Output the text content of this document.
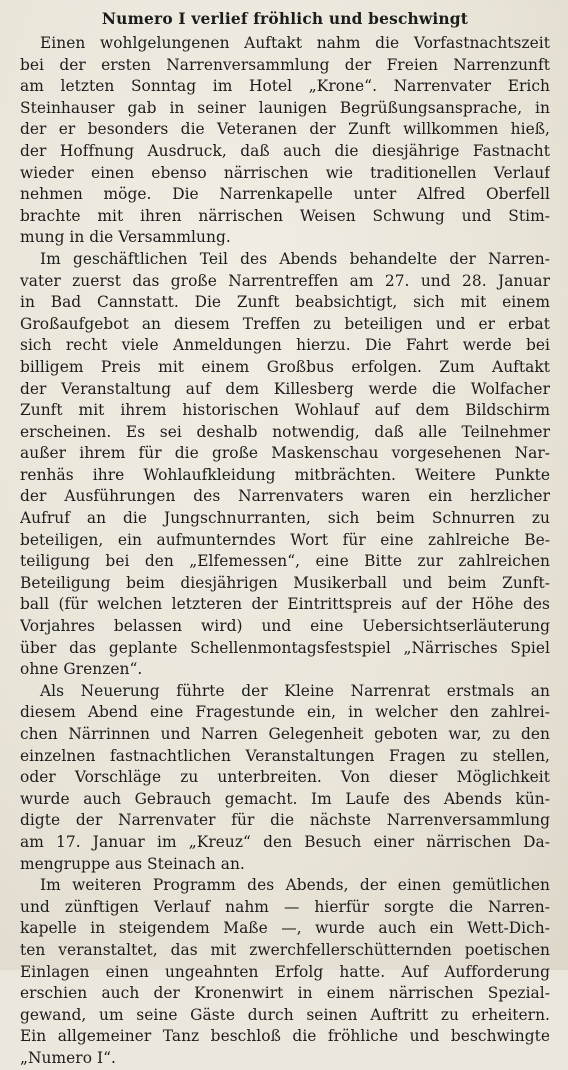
Numero I verlief fröhlich und beschwingt
Einen wohlgelungenen Auftakt nahm die Vorfastnachtszeit
bei der ersten Narrenversammlung der Freien Narrenzunft
am letzten Sonntag im Hotel „Krone“. Narrenvater Erich
Steinhauser gab in seiner launigen Begrüßungsansprache, in
der er besonders die Veteranen der Zunft willkommen hieß,
der Hoffnung Ausdruck, daß auch die diesjährige Fastnacht
wieder einen ebenso närrischen wie traditionellen Verlauf
nehmen möge. Die Narrenkapelle unter Alfred Oberfell
brachte mit ihren närrischen Weisen Schwung und Stim-
mung in die Versammlung.
Im geschäftlichen Teil des Abends behandelte der Narren-
vater zuerst das große Narrentreffen am 27. und 28. Januar
in Bad Cannstatt. Die Zunft beabsichtigt, sich mit einem
Großaufgebot an diesem Treffen zu beteiligen und er erbat
sich recht viele Anmeldungen hierzu. Die Fahrt werde bei
billigem Preis mit einem Großbus erfolgen. Zum Auftakt
der Veranstaltung auf dem Killesberg werde die Wolfacher
Zunft mit ihrem historischen Wohlauf auf dem Bildschirm
erscheinen. Es sei deshalb notwendig, daß alle Teilnehmer
außer ihrem für die große Maskenschau vorgesehenen Nar-
renhäs ihre Wohlaufkleidung mitbrächten. Weitere Punkte
der Ausführungen des Narrenvaters waren ein herzlicher
Aufruf an die Jungschnurranten, sich beim Schnurren zu
beteiligen, ein aufmunterndes Wort für eine zahlreiche Be-
teiligung bei den „Elfemessen“, eine Bitte zur zahlreichen
Beteiligung beim diesjährigen Musikerball und beim Zunft-
ball (für welchen letzteren der Eintrittspreis auf der Höhe des
Vorjahres belassen wird) und eine Uebersichtserläuterung
über das geplante Schellenmontagsfestspiel „Närrisches Spiel
ohne Grenzen“.
Als Neuerung führte der Kleine Narrenrat erstmals an
diesem Abend eine Fragestunde ein, in welcher den zahlrei-
chen Närrinnen und Narren Gelegenheit geboten war, zu den
einzelnen fastnachtlichen Veranstaltungen Fragen zu stellen,
oder Vorschläge zu unterbreiten. Von dieser Möglichkeit
wurde auch Gebrauch gemacht. Im Laufe des Abends kün-
digte der Narrenvater für die nächste Narrenversammlung
am 17. Januar im „Kreuz“ den Besuch einer närrischen Da-
mengruppe aus Steinach an.
Im weiteren Programm des Abends, der einen gemütlichen
und zünftigen Verlauf nahm — hierfür sorgte die Narren-
kapelle in steigendem Maße —, wurde auch ein Wett-Dich-
ten veranstaltet, das mit zwerchfellerschütternden poetischen
Einlagen einen ungeahnten Erfolg hatte. Auf Aufforderung
erschien auch der Kronenwirt in einem närrischen Spezial-
gewand, um seine Gäste durch seinen Auftritt zu erheitern.
Ein allgemeiner Tanz beschloß die fröhliche und beschwingte
„Numero I“.
